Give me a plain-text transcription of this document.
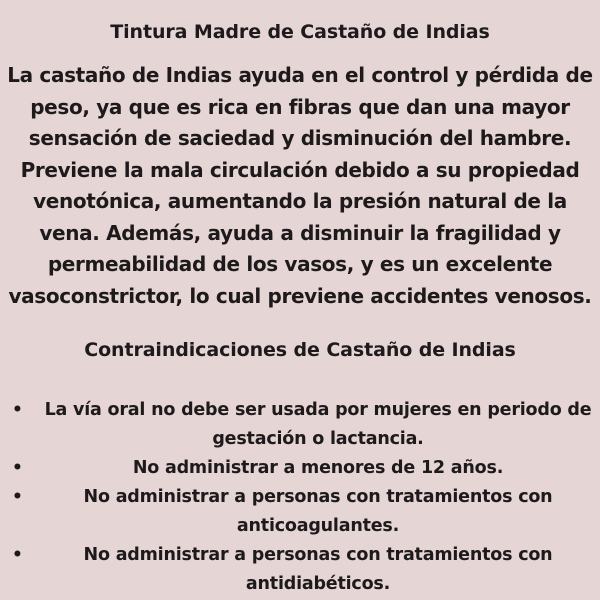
Tintura Madre de Castaño de Indias
La castaño de Indias ayuda en el control y pérdida de peso, ya que es rica en fibras que dan una mayor sensación de saciedad y disminución del hambre. Previene la mala circulación debido a su propiedad venotónica, aumentando la presión natural de la vena. Además, ayuda a disminuir la fragilidad y permeabilidad de los vasos, y es un excelente vasoconstrictor, lo cual previene accidentes venosos.
Contraindicaciones de Castaño de Indias
•	La vía oral no debe ser usada por mujeres en periodo de gestación o lactancia.
•	No administrar a menores de 12 años.
•	No administrar a personas con tratamientos con anticoagulantes.
•	No administrar a personas con tratamientos con antidiabéticos.
